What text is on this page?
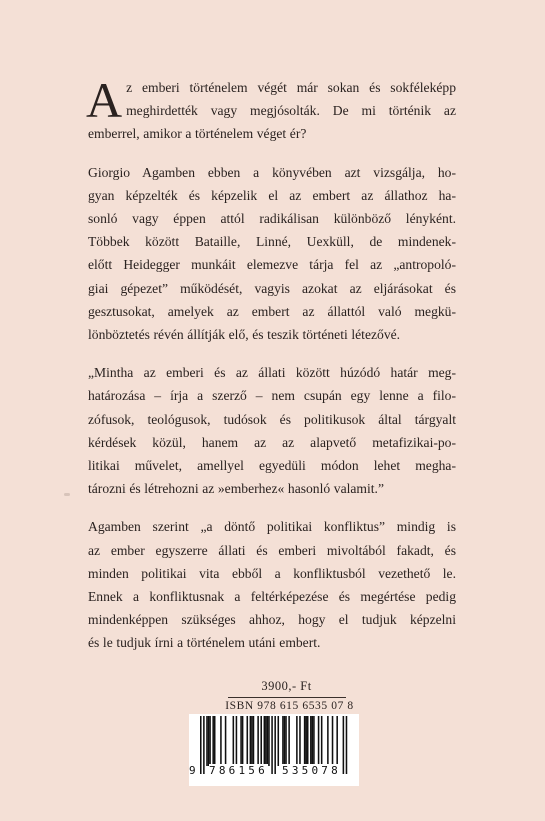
A z emberi történelem végét már sokan és sokféleképp
meghirdették vagy megjósolták. De mi történik az
emberrel, amikor a történelem véget ér?

Giorgio Agamben ebben a könyvében azt vizsgálja, ho-
gyan képzelték és képzelik el az embert az állathoz ha-
sonló vagy éppen attól radikálisan különböző lényként.
Többek között Bataille, Linné, Uexküll, de mindenek-
előtt Heidegger munkáit elemezve tárja fel az „antropoló-
giai gépezet” működését, vagyis azokat az eljárásokat és
gesztusokat, amelyek az embert az állattól való megkü-
lönböztetés révén állítják elő, és teszik történeti létezővé.

„Mintha az emberi és az állati között húzódó határ meg-
határozása – írja a szerző – nem csupán egy lenne a filo-
zófusok, teológusok, tudósok és politikusok által tárgyalt
kérdések közül, hanem az az alapvető metafizikai-po-
litikai művelet, amellyel egyedüli módon lehet megha-
tározni és létrehozni az »emberhez« hasonló valamit.”

Agamben szerint „a döntő politikai konfliktus” mindig is
az ember egyszerre állati és emberi mivoltából fakadt, és
minden politikai vita ebből a konfliktusból vezethető le.
Ennek a konfliktusnak a feltérképezése és megértése pedig
mindenképpen szükséges ahhoz, hogy el tudjuk képzelni
és le tudjuk írni a történelem utáni embert.

3900,- Ft
ISBN 978 615 6535 07 8
9 786156 535078
